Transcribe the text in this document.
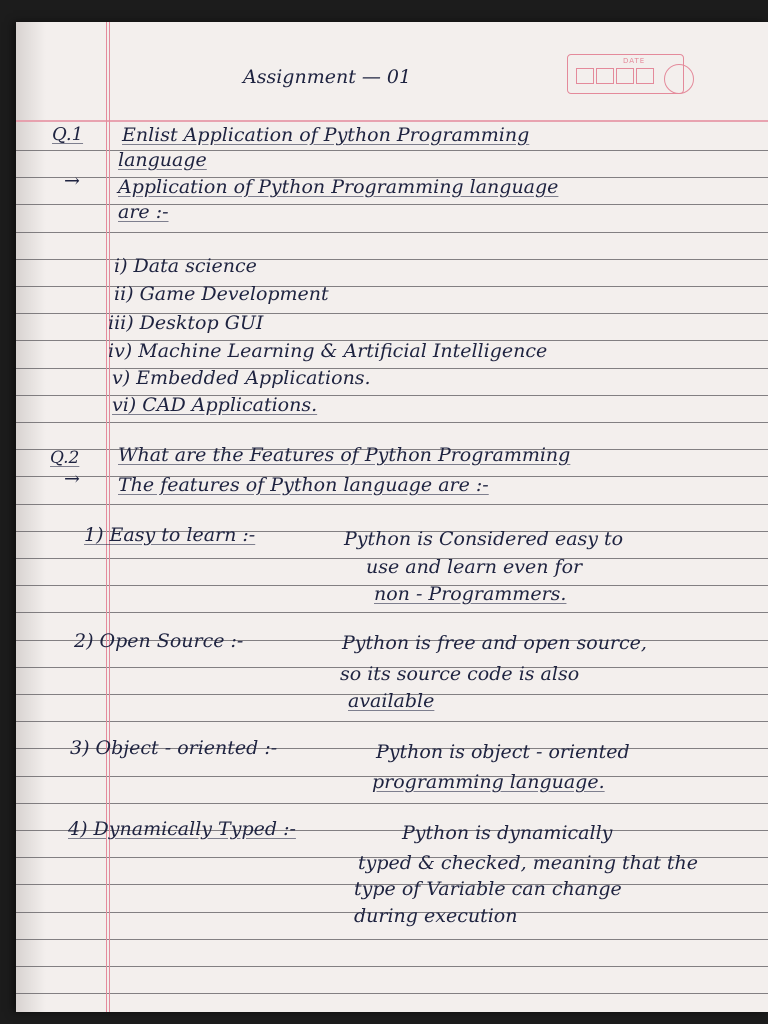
DATE
Assignment — 01
Q.1 Enlist Application of Python Programming
language
→ Application of Python Programming language
are :-
i) Data science
ii) Game Development
iii) Desktop GUI
iv) Machine Learning & Artificial Intelligence
v) Embedded Applications.
vi) CAD Applications.
Q.2 What are the Features of Python Programming
→ The features of Python language are :-
1) Easy to learn :-	Python is Considered easy to
use and learn even for
non - Programmers.
2) Open Source :-	Python is free and open source,
so its source code is also
available
3) Object - oriented :-	Python is object - oriented
programming language.
4) Dynamically Typed :-	Python is dynamically
typed & checked, meaning that the
type of Variable can change
during execution
